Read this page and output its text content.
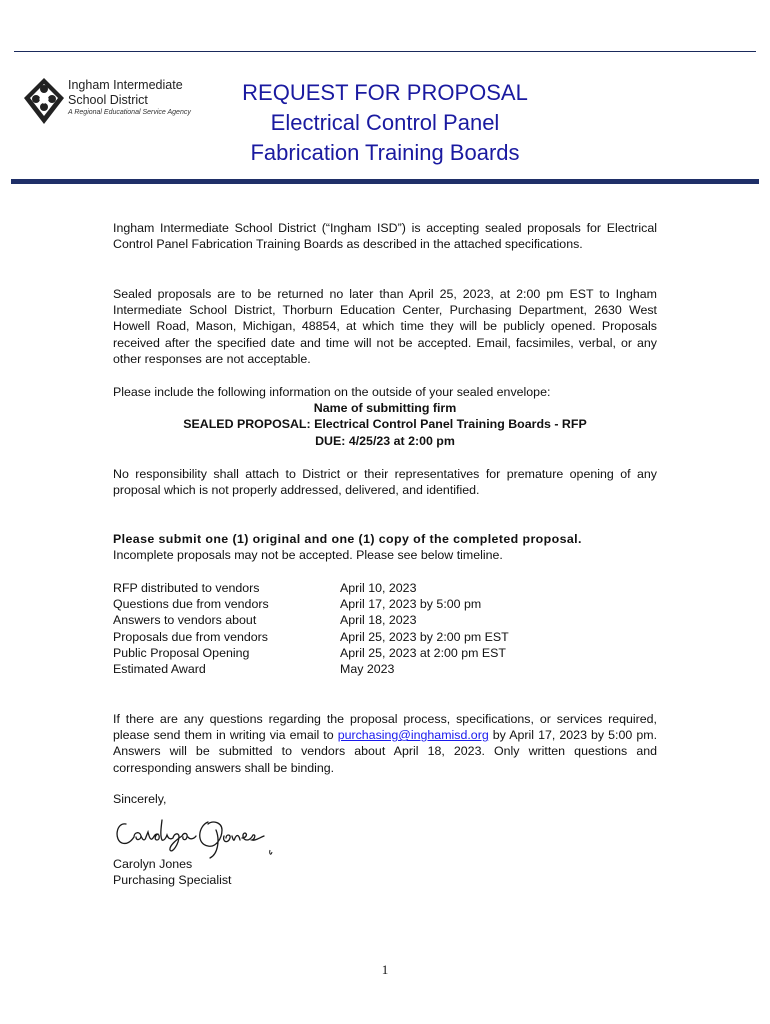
Ingham Intermediate
School District
A Regional Educational Service Agency
REQUEST FOR PROPOSAL
Electrical Control Panel
Fabrication Training Boards
Ingham Intermediate School District (“Ingham ISD”) is accepting sealed proposals for Electrical Control Panel Fabrication Training Boards as described in the attached specifications.
Sealed proposals are to be returned no later than April 25, 2023, at 2:00 pm EST to Ingham Intermediate School District, Thorburn Education Center, Purchasing Department, 2630 West Howell Road, Mason, Michigan, 48854, at which time they will be publicly opened. Proposals received after the specified date and time will not be accepted. Email, facsimiles, verbal, or any other responses are not acceptable.
Please include the following information on the outside of your sealed envelope:
Name of submitting firm
SEALED PROPOSAL: Electrical Control Panel Training Boards - RFP
DUE: 4/25/23 at 2:00 pm
No responsibility shall attach to District or their representatives for premature opening of any proposal which is not properly addressed, delivered, and identified.
Please submit one (1) original and one (1) copy of the completed proposal.
Incomplete proposals may not be accepted. Please see below timeline.
RFP distributed to vendors	April 10, 2023
Questions due from vendors	April 17, 2023 by 5:00 pm
Answers to vendors about	April 18, 2023
Proposals due from vendors	April 25, 2023 by 2:00 pm EST
Public Proposal Opening	April 25, 2023 at 2:00 pm EST
Estimated Award	May 2023
If there are any questions regarding the proposal process, specifications, or services required, please send them in writing via email to purchasing@inghamisd.org by April 17, 2023 by 5:00 pm. Answers will be submitted to vendors about April 18, 2023. Only written questions and corresponding answers shall be binding.
Sincerely,
Carolyn Jones
Purchasing Specialist
1
